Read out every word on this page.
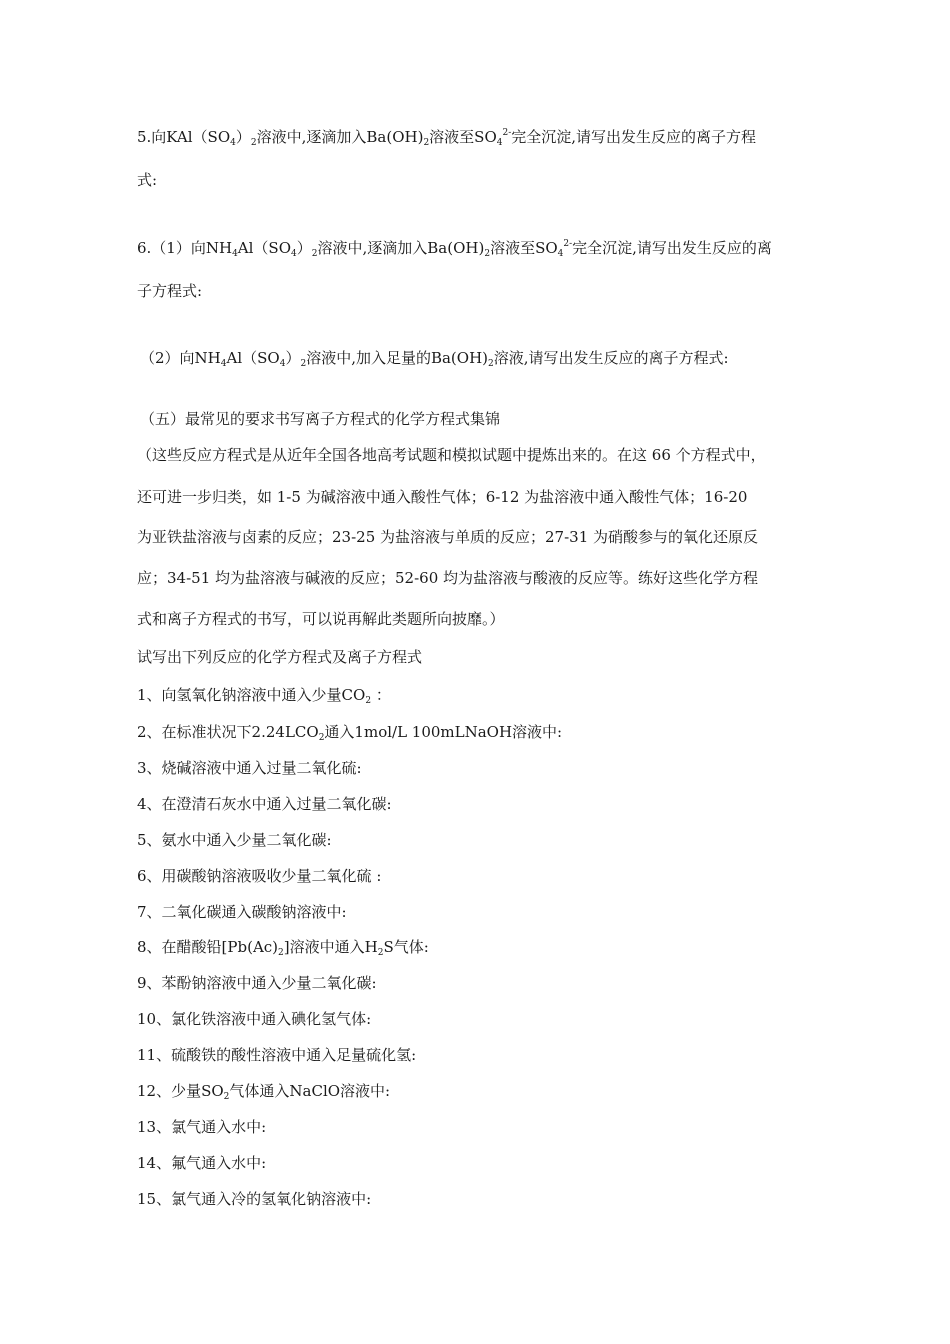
5.向$KAl(SO_4)_2$溶液中,逐滴加入$Ba(OH)_2$溶液至$SO_4^{2-}$完全沉淀,请写出发生反应的离子方程
式:
6.（1）向$NH_4Al(SO_4)_2$溶液中,逐滴加入$Ba(OH)_2$溶液至$SO_4^{2-}$完全沉淀,请写出发生反应的离
子方程式:
（2）向$NH_4Al(SO_4)_2$溶液中,加入足量的$Ba(OH)_2$溶液,请写出发生反应的离子方程式:
（五）最常见的要求书写离子方程式的化学方程式集锦
（这些反应方程式是从近年全国各地高考试题和模拟试题中提炼出来的。在这 66 个方程式中，
还可进一步归类，如 1-5 为碱溶液中通入酸性气体；6-12 为盐溶液中通入酸性气体；16-20
为亚铁盐溶液与卤素的反应；23-25 为盐溶液与单质的反应；27-31 为硝酸参与的氧化还原反
应；34-51 均为盐溶液与碱液的反应；52-60 均为盐溶液与酸液的反应等。练好这些化学方程
式和离子方程式的书写，可以说再解此类题所向披靡。）
试写出下列反应的化学方程式及离子方程式
1、向氢氧化钠溶液中通入少量$CO_2$ ：
2、在标准状况下$2.24LCO_2$通入1mol/L 100mLNaOH溶液中:
3、烧碱溶液中通入过量二氧化硫:
4、在澄清石灰水中通入过量二氧化碳:
5、氨水中通入少量二氧化碳:
6、用碳酸钠溶液吸收少量二氧化硫 :
7、二氧化碳通入碳酸钠溶液中:
8、在醋酸铅$[Pb(Ac)_2]$溶液中通入$H_2S$气体:
9、苯酚钠溶液中通入少量二氧化碳:
10、氯化铁溶液中通入碘化氢气体:
11、硫酸铁的酸性溶液中通入足量硫化氢:
12、少量$SO_2$气体通入NaClO溶液中:
13、氯气通入水中:
14、氟气通入水中:
15、氯气通入冷的氢氧化钠溶液中:
